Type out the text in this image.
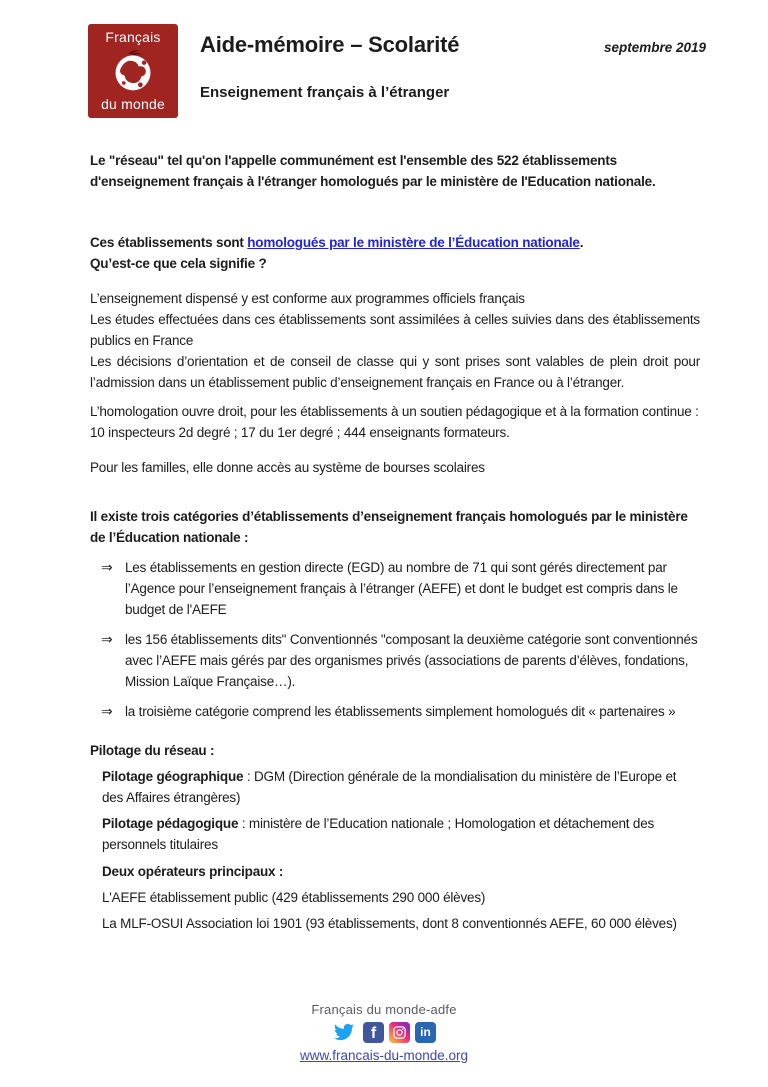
Français
du monde
Aide-mémoire – Scolarité	septembre 2019
Enseignement français à l’étranger
Le "réseau" tel qu'on l'appelle communément est l'ensemble des 522 établissements d'enseignement français à l'étranger homologués par le ministère de l'Education nationale.
Ces établissements sont homologués par le ministère de l’Éducation nationale.
Qu’est-ce que cela signifie ?
L’enseignement dispensé y est conforme aux programmes officiels français
Les études effectuées dans ces établissements sont assimilées à celles suivies dans des établissements publics en France
Les décisions d’orientation et de conseil de classe qui y sont prises sont valables de plein droit pour l’admission dans un établissement public d’enseignement français en France ou à l’étranger.
L’homologation ouvre droit, pour les établissements à un soutien pédagogique et à la formation continue : 10 inspecteurs 2d degré ; 17 du 1er degré ; 444 enseignants formateurs.
Pour les familles, elle donne accès au système de bourses scolaires
Il existe trois catégories d’établissements d’enseignement français homologués par le ministère de l’Éducation nationale :
⇒ Les établissements en gestion directe (EGD) au nombre de 71 qui sont gérés directement par l’Agence pour l’enseignement français à l’étranger (AEFE) et dont le budget est compris dans le budget de l'AEFE
⇒ les 156 établissements dits" Conventionnés "composant la deuxième catégorie sont conventionnés avec l’AEFE mais gérés par des organismes privés (associations de parents d’élèves, fondations, Mission Laïque Française…).
⇒ la troisième catégorie comprend les établissements simplement homologués dit « partenaires »
Pilotage du réseau :
Pilotage géographique : DGM (Direction générale de la mondialisation du ministère de l’Europe et des Affaires étrangères)
Pilotage pédagogique : ministère de l’Education nationale ; Homologation et détachement des personnels titulaires
Deux opérateurs principaux :
L'AEFE établissement public (429 établissements 290 000 élèves)
La MLF-OSUI Association loi 1901 (93 établissements, dont 8 conventionnés AEFE, 60 000 élèves)
Français du monde-adfe
f	in
www.francais-du-monde.org
